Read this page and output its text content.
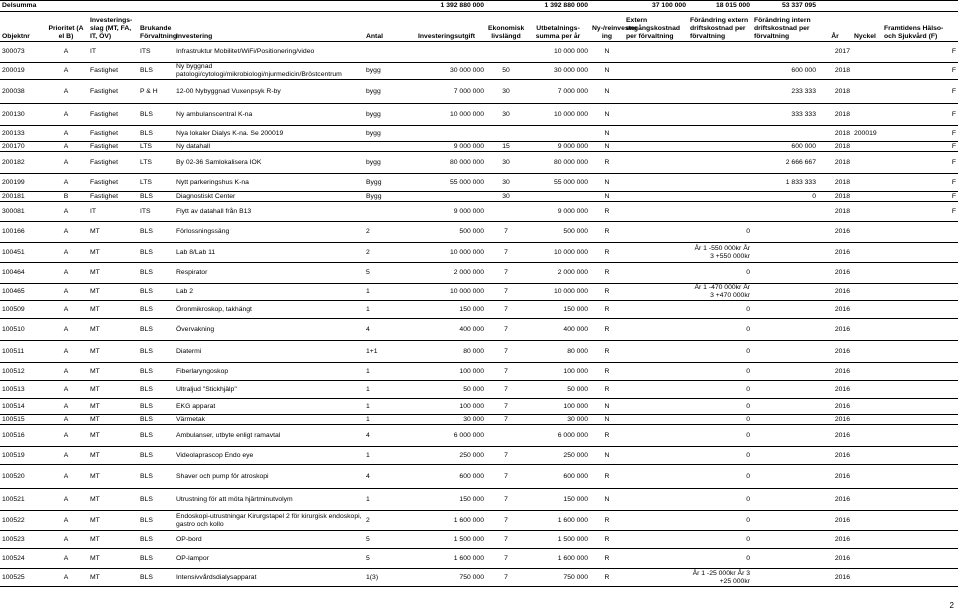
Delsumma						1 392 880 000		1 392 880 000		37 100 000	18 015 000	53 337 095			
Objektnr	Prioritet (A el B)	Investerings-slag (MT, FA, IT, ÖV)	Brukande Förvaltning	Investering	Antal	Investeringsutgift	Ekonomisk livslängd	Utbetalnings-summa per år	Ny-/reinvester ing	Extern engångskostnad per förvaltning	Förändring extern driftskostnad per förvaltning	Förändring intern driftskostnad per förvaltning	År	Nyckel	Framtidens Hälso- och Sjukvård (F)
300073	A	IT	ITS	Infrastruktur Mobilitet/WiFi/Positionering/video				10 000 000	N				2017		F
200019	A	Fastighet	BLS	Ny byggnad patologi/cytologi/mikrobiologi/njurmedicin/Bröstcentrum	bygg	30 000 000	50	30 000 000	N			600 000	2018		F
200038	A	Fastighet	P & H	12-00 Nybyggnad Vuxenpsyk R-by	bygg	7 000 000	30	7 000 000	N			233 333	2018		F
200130	A	Fastighet	BLS	Ny ambulanscentral K-na	bygg	10 000 000	30	10 000 000	N			333 333	2018		F
200133	A	Fastighet	BLS	Nya lokaler Dialys K-na. Se 200019	bygg				N				2018	200019	F
200170	A	Fastighet	LTS	Ny datahall		9 000 000	15	9 000 000	N			600 000	2018		F
200182	A	Fastighet	LTS	By 02-36 Samlokalisera IOK	bygg	80 000 000	30	80 000 000	R			2 666 667	2018		F
200199	A	Fastighet	LTS	Nytt parkeringshus K-na	Bygg	55 000 000	30	55 000 000	N			1 833 333	2018		F
200181	B	Fastighet	BLS	Diagnostiskt Center	Bygg		30		N			0	2018		F
300081	A	IT	ITS	Flytt av datahall från B13		9 000 000		9 000 000	R				2018		F
100166	A	MT	BLS	Förlossningssäng	2	500 000	7	500 000	R		0		2016		
100451	A	MT	BLS	Lab 8/Lab 11	2	10 000 000	7	10 000 000	R		År 1 -550 000kr År 3 +550 000kr		2016		
100464	A	MT	BLS	Respirator	5	2 000 000	7	2 000 000	R		0		2016		
100465	A	MT	BLS	Lab 2	1	10 000 000	7	10 000 000	R		År 1 -470 000kr År 3 +470 000kr		2016		
100509	A	MT	BLS	Öronmikroskop, takhängt	1	150 000	7	150 000	R		0		2016		
100510	A	MT	BLS	Övervakning	4	400 000	7	400 000	R		0		2016		
100511	A	MT	BLS	Diatermi	1+1	80 000	7	80 000	R		0		2016		
100512	A	MT	BLS	Fiberlaryngoskop	1	100 000	7	100 000	R		0		2016		
100513	A	MT	BLS	Ultraljud "Stickhjälp"	1	50 000	7	50 000	R		0		2016		
100514	A	MT	BLS	EKG apparat	1	100 000	7	100 000	N		0		2016		
100515	A	MT	BLS	Värmetak	1	30 000	7	30 000	N		0		2016		
100516	A	MT	BLS	Ambulanser, utbyte enligt ramavtal	4	6 000 000		6 000 000	R		0		2016		
100519	A	MT	BLS	Videolaprascop Endo eye	1	250 000	7	250 000	N		0		2016		
100520	A	MT	BLS	Shaver och pump för atroskopi	4	600 000	7	600 000	R		0		2016		
100521	A	MT	BLS	Utrustning för att möta hjärtminutvolym	1	150 000	7	150 000	N		0		2016		
100522	A	MT	BLS	Endoskopi-utrustningar Kirurgstapel 2 för kirurgisk endoskopi, gastro och kollo	2	1 600 000	7	1 600 000	R		0		2016		
100523	A	MT	BLS	OP-bord	5	1 500 000	7	1 500 000	R		0		2016		
100524	A	MT	BLS	OP-lampor	5	1 600 000	7	1 600 000	R		0		2016		
100525	A	MT	BLS	Intensivvårdsdialysapparat	1(3)	750 000	7	750 000	R		År 1 -25 000kr År 3 +25 000kr		2016		
2
